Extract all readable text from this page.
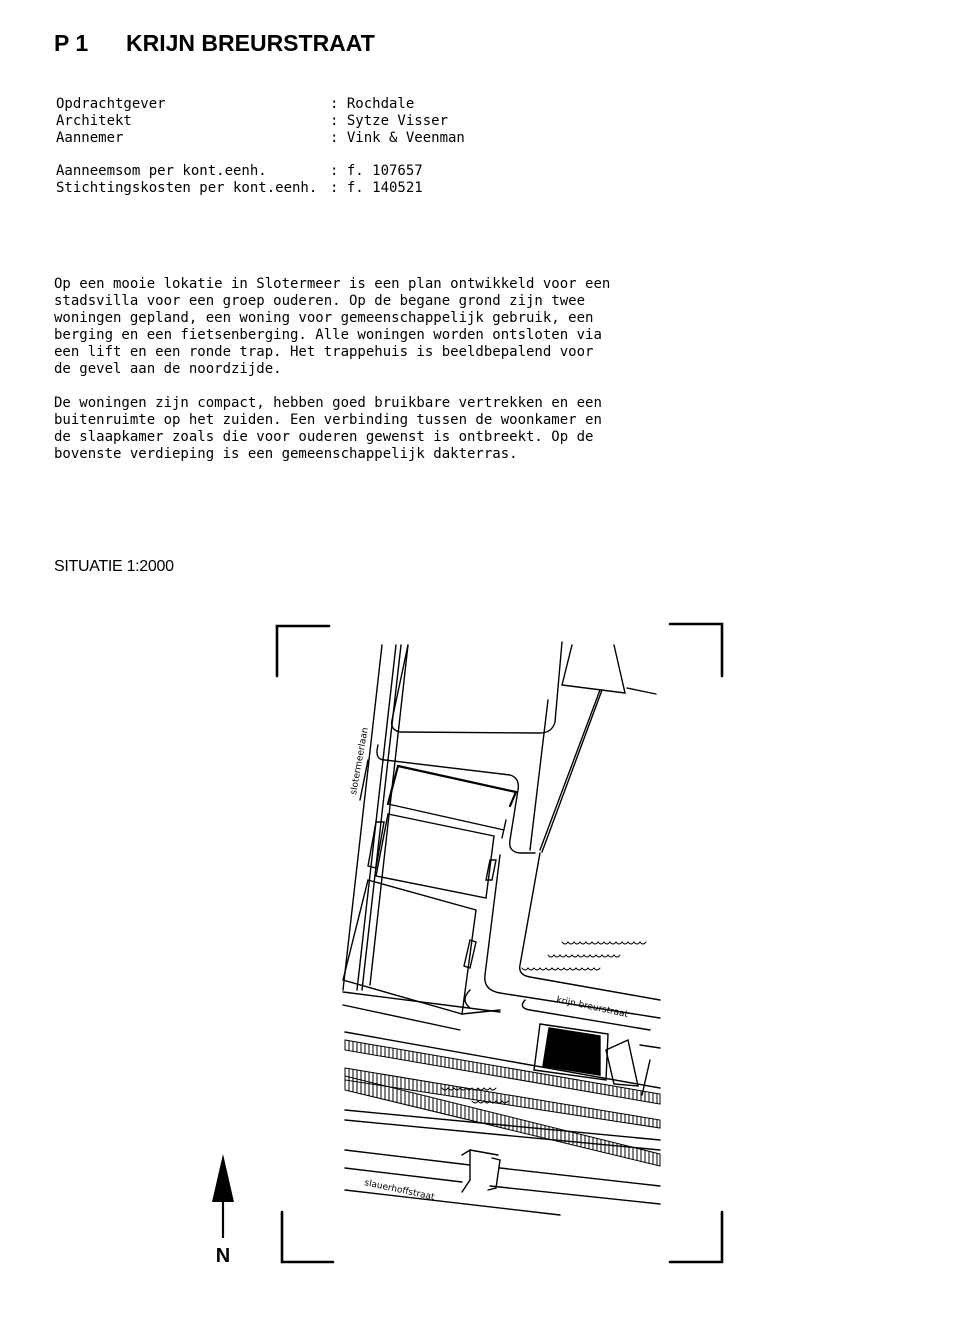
P 1 KRIJN BREURSTRAAT
Opdrachtgever	: Rochdale
Architekt	: Sytze Visser
Aannemer	: Vink & Veenman
Aanneemsom per kont.eenh.	: f. 107657
Stichtingskosten per kont.eenh. : f. 140521

Op een mooie lokatie in Slotermeer is een plan ontwikkeld voor een
stadsvilla voor een groep ouderen. Op de begane grond zijn twee
woningen gepland, een woning voor gemeenschappelijk gebruik, een
berging en een fietsenberging. Alle woningen worden ontsloten via
een lift en een ronde trap. Het trappehuis is beeldbepalend voor
de gevel aan de noordzijde.

De woningen zijn compact, hebben goed bruikbare vertrekken en een
buitenruimte op het zuiden. Een verbinding tussen de woonkamer en
de slaapkamer zoals die voor ouderen gewenst is ontbreekt. Op de
bovenste verdieping is een gemeenschappelijk dakterras.

SITUATIE 1:2000
slotermeerlaan
krijn breurstraat
slauerhoffstraat
N
